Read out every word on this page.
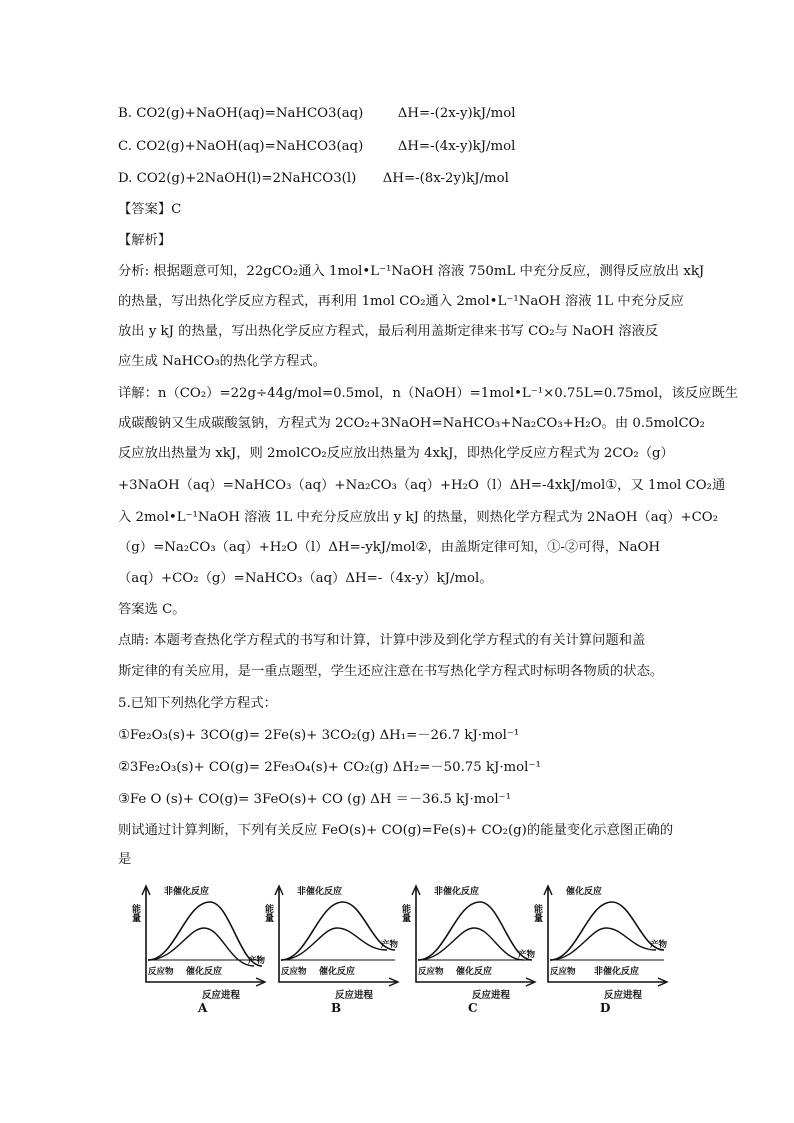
B. CO2(g)+NaOH(aq)=NaHCO3(aq)	ΔH=-(2x-y)kJ/mol
C. CO2(g)+NaOH(aq)=NaHCO3(aq)	ΔH=-(4x-y)kJ/mol
D. CO2(g)+2NaOH(l)=2NaHCO3(l) ΔH=-(8x-2y)kJ/mol
【答案】C
【解析】
分析: 根据题意可知，22gCO₂通入 1mol•L⁻¹NaOH 溶液 750mL 中充分反应，测得反应放出 xkJ
的热量，写出热化学反应方程式，再利用 1mol CO₂通入 2mol•L⁻¹NaOH 溶液 1L 中充分反应
放出 y kJ 的热量，写出热化学反应方程式，最后利用盖斯定律来书写 CO₂与 NaOH 溶液反
应生成 NaHCO₃的热化学方程式。
详解：n（CO₂）=22g÷44g/mol=0.5mol，n（NaOH）=1mol•L⁻¹×0.75L=0.75mol，该反应既生
成碳酸钠又生成碳酸氢钠，方程式为 2CO₂+3NaOH=NaHCO₃+Na₂CO₃+H₂O。由 0.5molCO₂
反应放出热量为 xkJ，则 2molCO₂反应放出热量为 4xkJ，即热化学反应方程式为 2CO₂（g）
+3NaOH（aq）=NaHCO₃（aq）+Na₂CO₃（aq）+H₂O（l）ΔH=-4xkJ/mol①，又 1mol CO₂通
入 2mol•L⁻¹NaOH 溶液 1L 中充分反应放出 y kJ 的热量，则热化学方程式为 2NaOH（aq）+CO₂
（g）=Na₂CO₃（aq）+H₂O（l）ΔH=-ykJ/mol②，由盖斯定律可知，①-②可得，NaOH
（aq）+CO₂（g）=NaHCO₃（aq）ΔH=-（4x-y）kJ/mol。
答案选 C。
点睛: 本题考查热化学方程式的书写和计算，计算中涉及到化学方程式的有关计算问题和盖
斯定律的有关应用，是一重点题型，学生还应注意在书写热化学方程式时标明各物质的状态。
5.已知下列热化学方程式：
①Fe₂O₃(s)+ 3CO(g)= 2Fe(s)+ 3CO₂(g) ΔH₁=－26.7 kJ·mol⁻¹
②3Fe₂O₃(s)+ CO(g)= 2Fe₃O₄(s)+ CO₂(g) ΔH₂=－50.75 kJ·mol⁻¹
③Fe O (s)+ CO(g)= 3FeO(s)+ CO (g) ΔH ＝－36.5 kJ·mol⁻¹
则试通过计算判断，下列有关反应 FeO(s)+ CO(g)=Fe(s)+ CO₂(g)的能量变化示意图正确的
是
能量
反应进程
非催化反应
催化反应
反应物
产物
A
能量
反应进程
非催化反应
催化反应
反应物
产物
B
能量
反应进程
非催化反应
催化反应
反应物
产物
C
能量
反应进程
催化反应
非催化反应
反应物
产物
D
